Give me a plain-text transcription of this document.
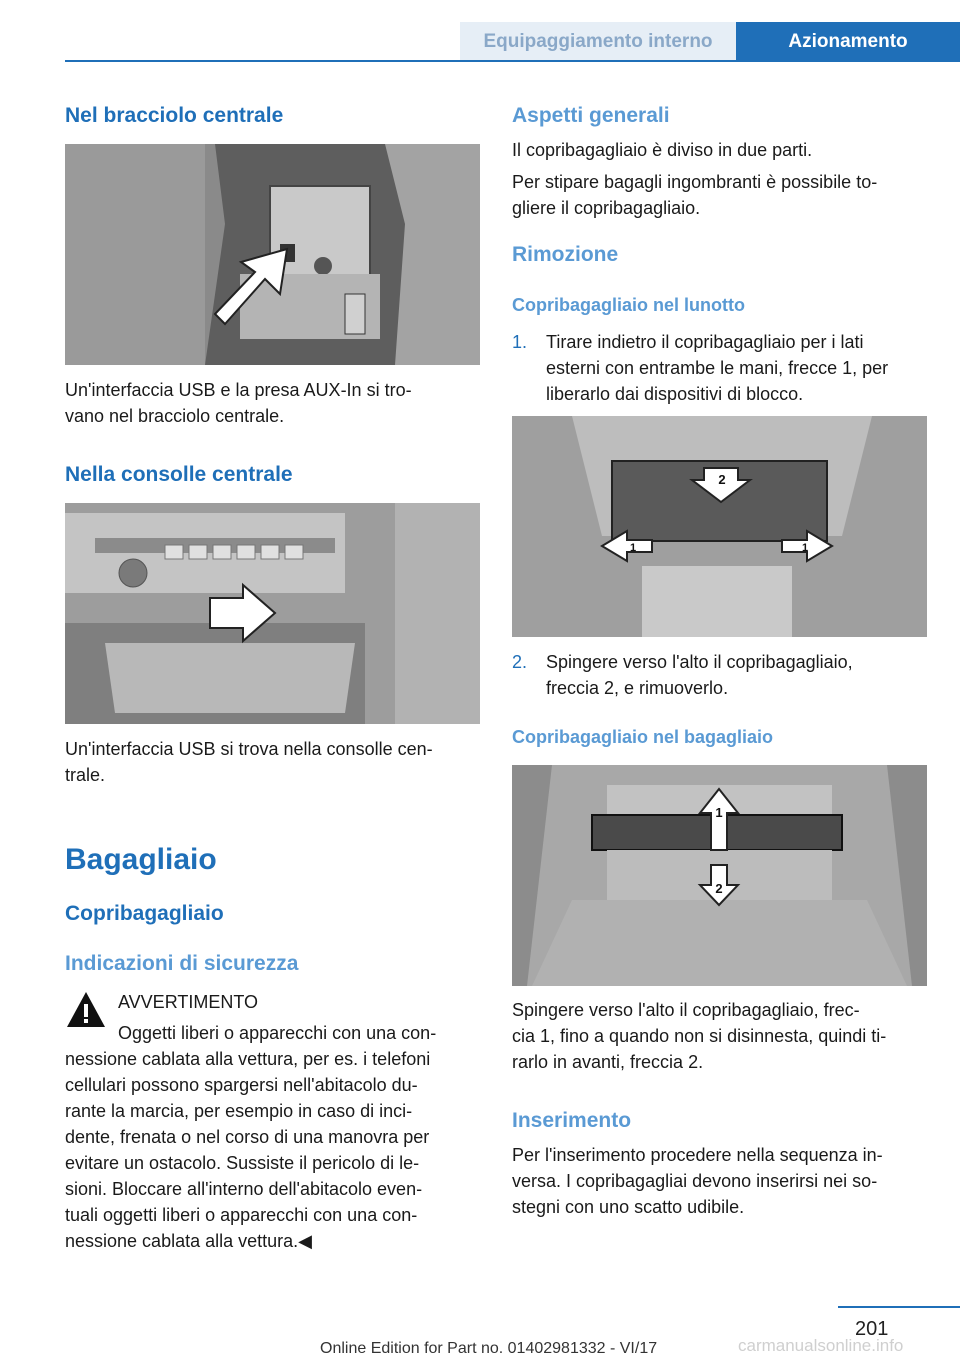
Equipaggiamento interno	Azionamento
Nel bracciolo centrale

Un'interfaccia USB e la presa AUX-In si tro‐

vano nel bracciolo centrale.

Nella consolle centrale

Un'interfaccia USB si trova nella consolle cen‐

trale.

Bagagliaio
Copribagagliaio
Indicazioni di sicurezza

AVVERTIMENTO

Oggetti liberi o apparecchi con una con‐

nessione cablata alla vettura, per es. i telefoni

cellulari possono spargersi nell'abitacolo du‐

rante la marcia, per esempio in caso di inci‐

dente, frenata o nel corso di una manovra per

evitare un ostacolo. Sussiste il pericolo di le‐

sioni. Bloccare all'interno dell'abitacolo even‐

tuali oggetti liberi o apparecchi con una con‐

nessione cablata alla vettura.◀

Aspetti generali

Il copribagagliaio è diviso in due parti.

Per stipare bagagli ingombranti è possibile to‐

gliere il copribagagliaio.

Rimozione
Copribagagliaio nel lunotto
1. Tirare indietro il copribagagliaio per i lati
esterni con entrambe le mani, frecce 1, per
liberarlo dai dispositivi di blocco.
2
1	1
2. Spingere verso l'alto il copribagagliaio,
freccia 2, e rimuoverlo.
Copribagagliaio nel bagagliaio
1
2

Spingere verso l'alto il copribagagliaio, frec‐

cia 1, fino a quando non si disinnesta, quindi ti‐

rarlo in avanti, freccia 2.

Inserimento

Per l'inserimento procedere nella sequenza in‐

versa. I copribagagliai devono inserirsi nei so‐

stegni con uno scatto udibile.

201
Online Edition for Part no. 01402981332 - VI/17	carmanualsonline.info
